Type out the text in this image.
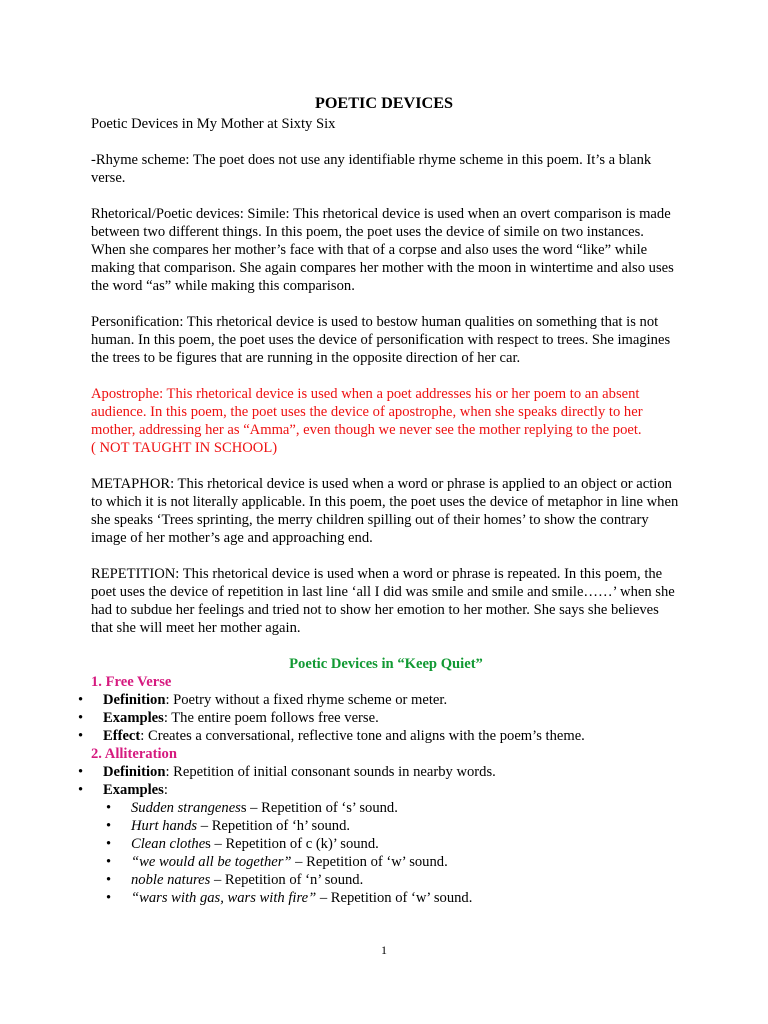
POETIC DEVICES

Poetic Devices in My Mother at Sixty Six

-Rhyme scheme: The poet does not use any identifiable rhyme scheme in this poem. It’s a blank verse.

Rhetorical/Poetic devices: Simile: This rhetorical device is used when an overt comparison is made between two different things. In this poem, the poet uses the device of simile on two instances. When she compares her mother’s face with that of a corpse and also uses the word “like” while making that comparison. She again compares her mother with the moon in wintertime and also uses the word “as” while making this comparison.

Personification: This rhetorical device is used to bestow human qualities on something that is not human. In this poem, the poet uses the device of personification with respect to trees. She imagines the trees to be figures that are running in the opposite direction of her car.

Apostrophe: This rhetorical device is used when a poet addresses his or her poem to an absent audience. In this poem, the poet uses the device of apostrophe, when she speaks directly to her mother, addressing her as “Amma”, even though we never see the mother replying to the poet.

( NOT TAUGHT IN SCHOOL)

METAPHOR: This rhetorical device is used when a word or phrase is applied to an object or action to which it is not literally applicable. In this poem, the poet uses the device of metaphor in line when she speaks ‘Trees sprinting, the merry children spilling out of their homes’ to show the contrary image of her mother’s age and approaching end.

REPETITION: This rhetorical device is used when a word or phrase is repeated. In this poem, the poet uses the device of repetition in last line ‘all I did was smile and smile and smile……’ when she had to subdue her feelings and tried not to show her emotion to her mother. She says she believes that she will meet her mother again.

Poetic Devices in “Keep Quiet”
1. Free Verse
• Definition: Poetry without a fixed rhyme scheme or meter.
• Examples: The entire poem follows free verse.
• Effect: Creates a conversational, reflective tone and aligns with the poem’s theme.
2. Alliteration
• Definition: Repetition of initial consonant sounds in nearby words.
• Examples:
• Sudden strangeness – Repetition of ‘s’ sound.
• Hurt hands – Repetition of ‘h’ sound.
• Clean clothes – Repetition of c (k)’ sound.
• “we would all be together” – Repetition of ‘w’ sound.
• noble natures – Repetition of ‘n’ sound.
• “wars with gas, wars with fire” – Repetition of ‘w’ sound.
1
